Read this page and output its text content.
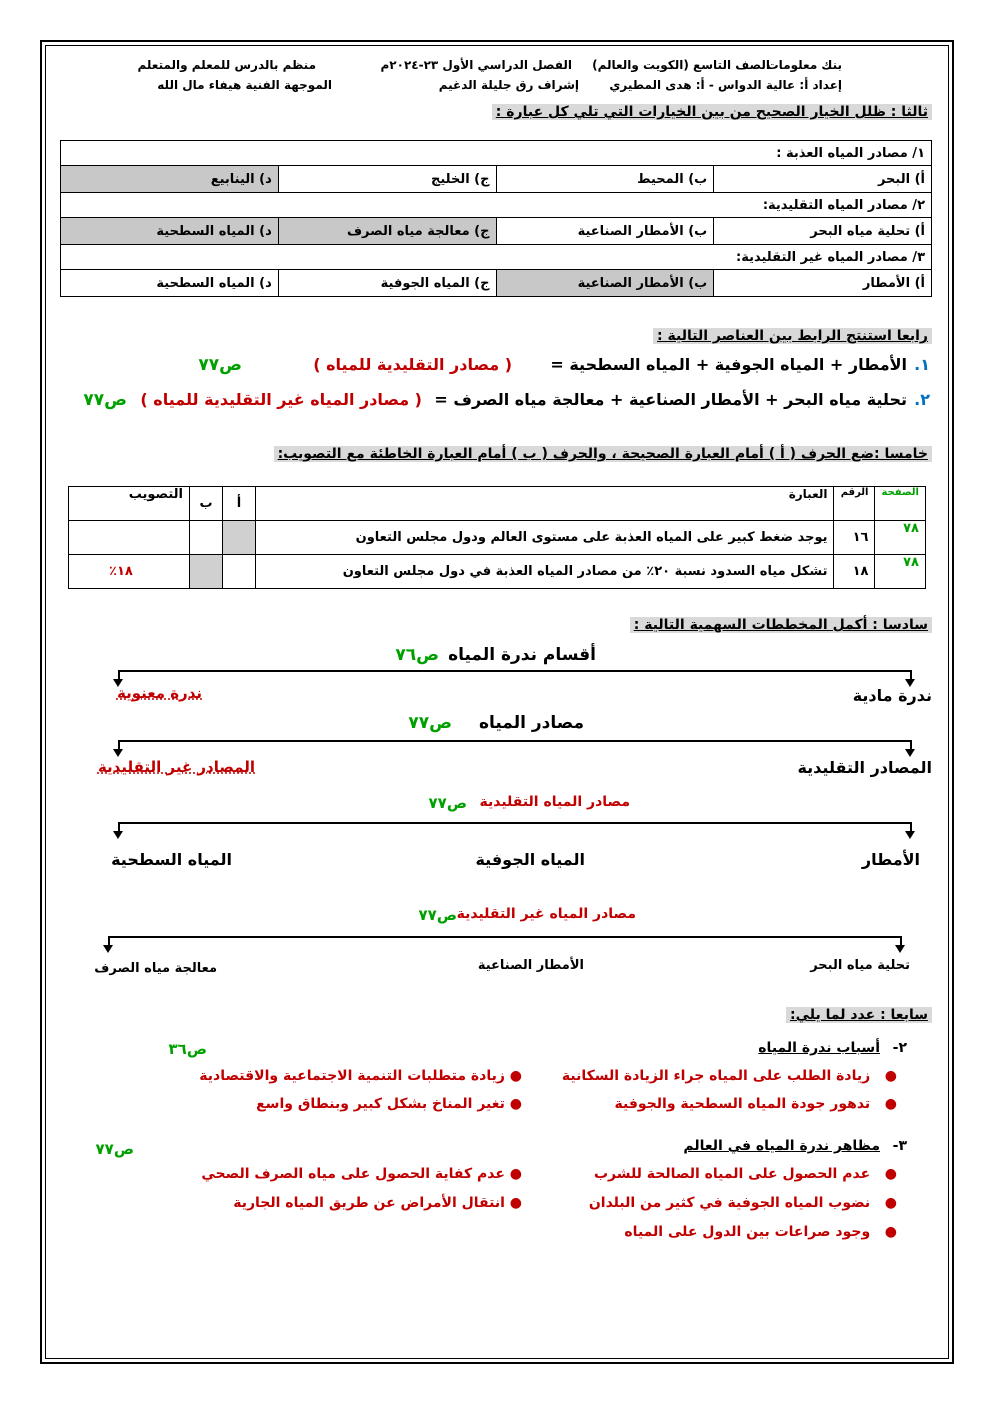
بنك معلومات
الصف التاسع (الكويت والعالم)
الفصل الدراسي الأول ٢٣-٢٠٢٤م
منظم بالدرس للمعلم والمتعلم
إعداد أ: عالية الدواس - أ: هدى المطيري
إشراف رق جليلة الدغيم
الموجهة الفنية هيفاء مال الله
ثالثا : ظلل الخيار الصحيح من بين الخيارات التي تلي كل عبارة :
١/ مصادر المياه العذبة :			
أ) البحر	ب) المحيط	ج) الخليج	د) الينابيع
٢/ مصادر المياه التقليدية:			
أ) تحلية مياه البحر	ب) الأمطار الصناعية	ج) معالجة مياه الصرف	د) المياه السطحية
٣/ مصادر المياه غير التقليدية:			
أ) الأمطار	ب) الأمطار الصناعية	ج) المياه الجوفية	د) المياه السطحية
رابعا استنتج الرابط بين العناصر التالية :
١.
الأمطار + المياه الجوفية + المياه السطحية =
( مصادر التقليدية للمياه )
ص٧٧
٢.
تحلية مياه البحر + الأمطار الصناعية + معالجة مياه الصرف =
( مصادر المياه غير التقليدية للمياه )
ص٧٧
خامسا :ضع الحرف ( أ ) أمام العبارة الصحيحة ، والحرف ( ب ) أمام العبارة الخاطئة مع التصويب:
الصفحة	الرقم	العبارة	أ	ب	التصويب
٧٨	١٦	يوجد ضغط كبير على المياه العذبة على مستوى العالم ودول مجلس التعاون			
٧٨	١٨	تشكل مياه السدود نسبة ٢٠٪ من مصادر المياه العذبة في دول مجلس التعاون			١٨٪
سادسا : أكمل المخططات السهمية التالية :
أقسام ندرة المياه
ص٧٦
ندرة مادية
ندرة معنوية
مصادر المياه
ص٧٧
المصادر التقليدية
المصادر غير التقليدية
مصادر المياه التقليدية
ص٧٧
الأمطار
المياه الجوفية
المياه السطحية
مصادر المياه غير التقليدية
ص٧٧
تحلية مياه البحر
الأمطار الصناعية
معالجة مياه الصرف
سابعا : عدد لما يلي:
٢-
أسباب ندرة المياه
ص٣٦
●   زيادة الطلب على المياه جراء الزيادة السكانية
●   تدهور جودة المياه السطحية والجوفية
● زيادة متطلبات التنمية الاجتماعية والاقتصادية
● تغير المناخ بشكل كبير وبنطاق واسع
٣-
مظاهر ندرة المياه في العالم
ص٧٧
●   عدم الحصول على المياه الصالحة للشرب
●   نضوب المياه الجوفية في كثير من البلدان
●   وجود صراعات بين الدول على المياه
● عدم كفاية الحصول على مياه الصرف الصحي
● انتقال الأمراض عن طريق المياه الجارية
